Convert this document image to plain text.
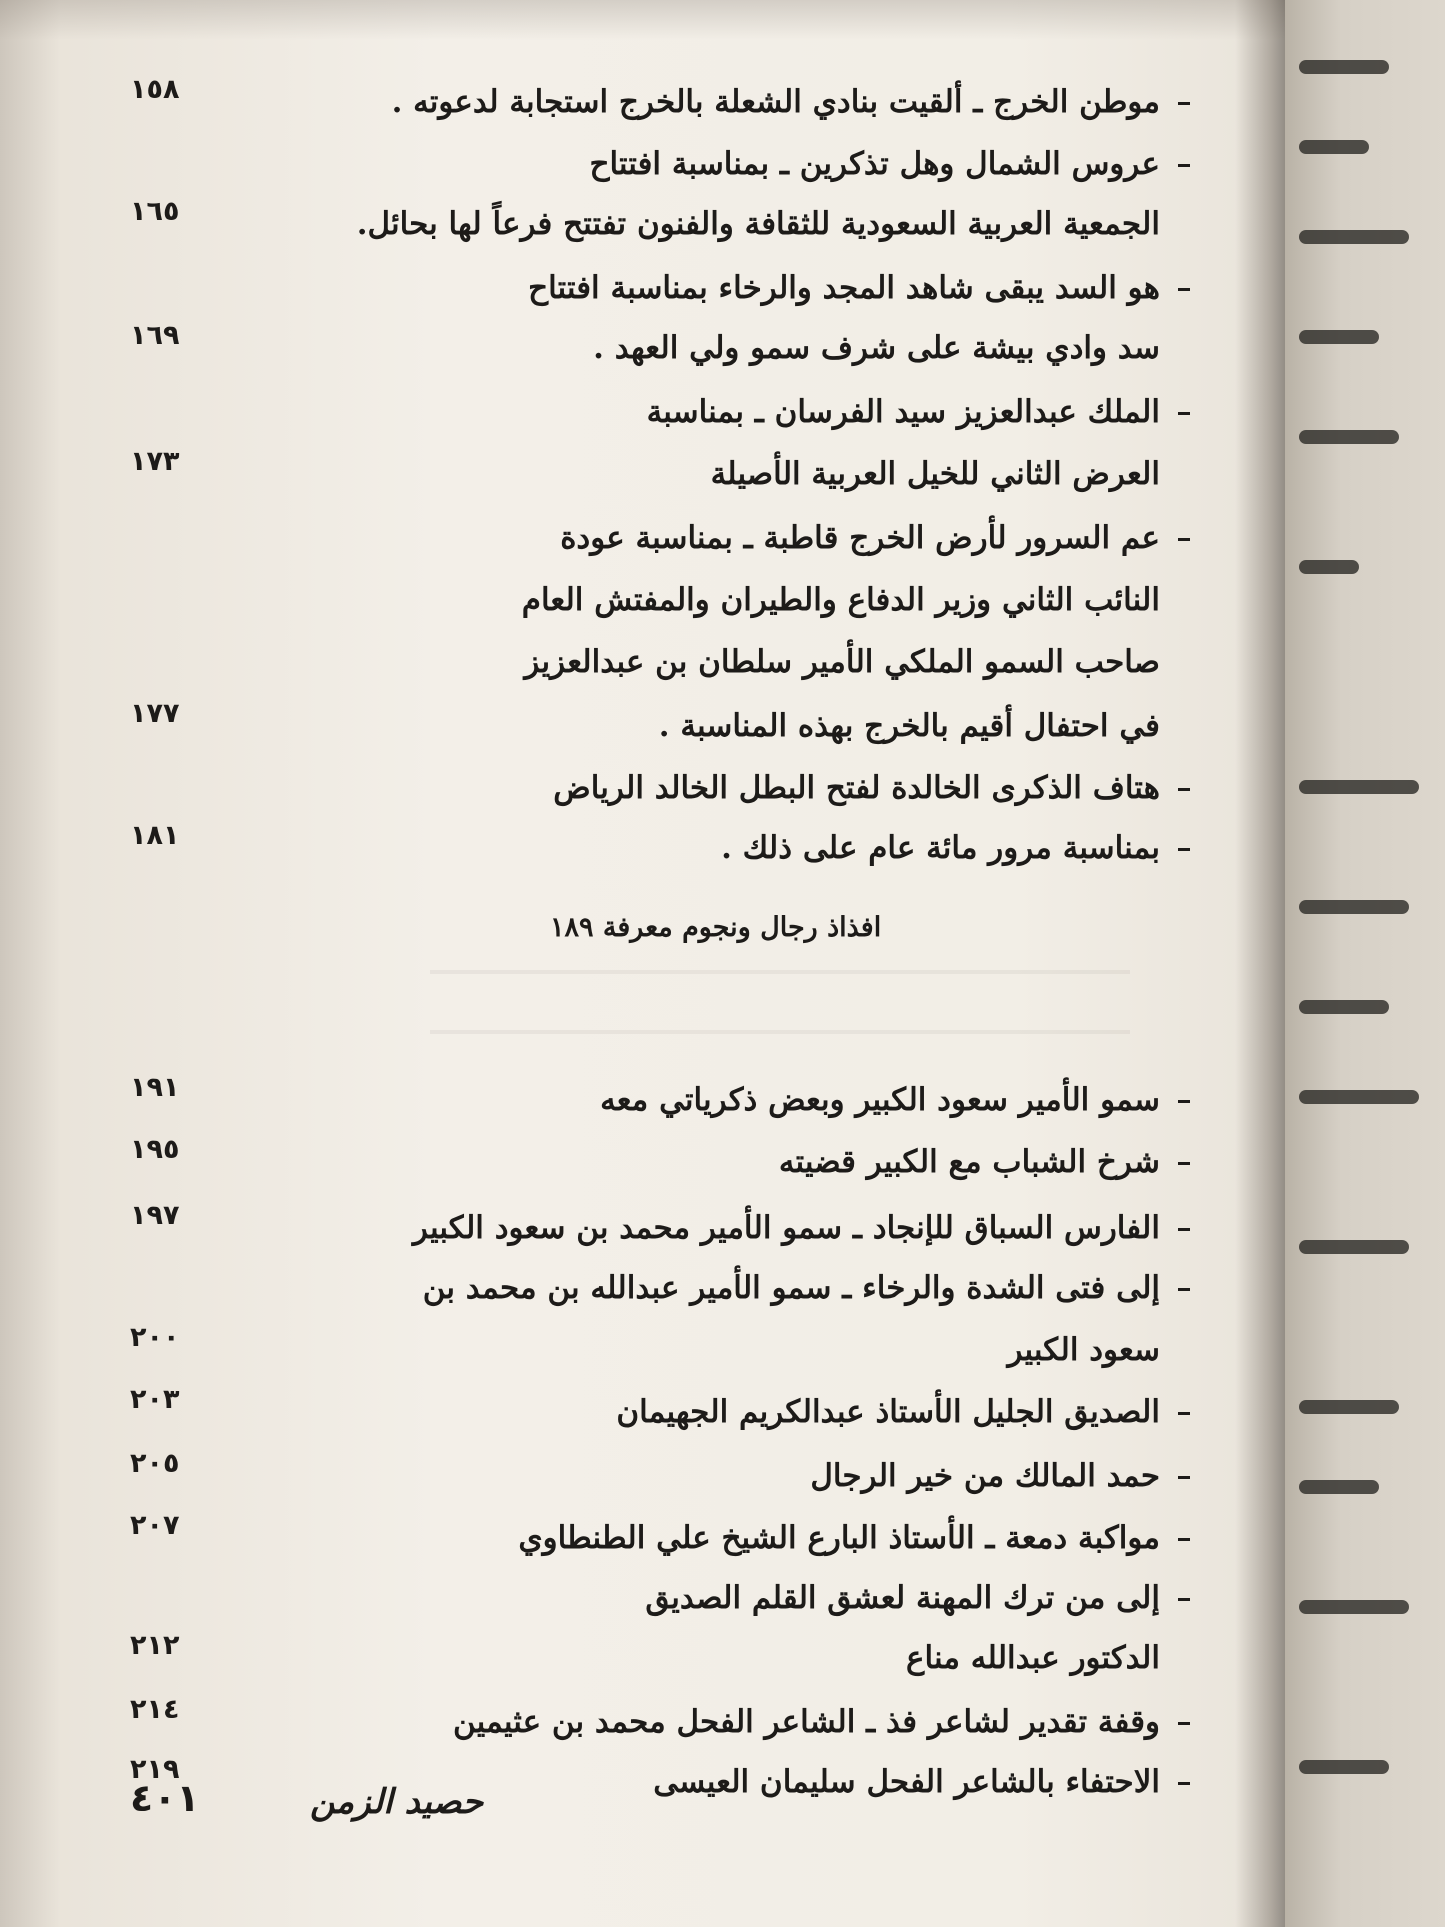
موطن الخرج ـ ألقيت بنادي الشعلة بالخرج استجابة لدعوته .
١٥٨
عروس الشمال وهل تذكرين ـ بمناسبة افتتاح
الجمعية العربية السعودية للثقافة والفنون تفتتح فرعاً لها بحائل.
١٦٥
هو السد يبقى شاهد المجد والرخاء بمناسبة افتتاح
سد وادي بيشة على شرف سمو ولي العهد .
١٦٩
الملك عبدالعزيز سيد الفرسان ـ بمناسبة
العرض الثاني للخيل العربية الأصيلة
١٧٣
عم السرور لأرض الخرج قاطبة ـ بمناسبة عودة
النائب الثاني وزير الدفاع والطيران والمفتش العام
صاحب السمو الملكي الأمير سلطان بن عبدالعزيز
في احتفال أقيم بالخرج بهذه المناسبة .
١٧٧
هتاف الذكرى الخالدة لفتح البطل الخالد الرياض
بمناسبة مرور مائة عام على ذلك .
١٨١
افذاذ رجال ونجوم معرفة ١٨٩
سمو الأمير سعود الكبير وبعض ذكرياتي معه
١٩١
شرخ الشباب مع الكبير قضيته
١٩٥
الفارس السباق للإنجاد ـ سمو الأمير محمد بن سعود الكبير
١٩٧
إلى فتى الشدة والرخاء ـ سمو الأمير عبدالله بن محمد بن
سعود الكبير
٢٠٠
الصديق الجليل الأستاذ عبدالكريم الجهيمان
٢٠٣
حمد المالك من خير الرجال
٢٠٥
مواكبة دمعة ـ الأستاذ البارع الشيخ علي الطنطاوي
٢٠٧
إلى من ترك المهنة لعشق القلم الصديق
الدكتور عبدالله مناع
٢١٢
وقفة تقدير لشاعر فذ ـ الشاعر الفحل محمد بن عثيمين
٢١٤
الاحتفاء بالشاعر الفحل سليمان العيسى
٢١٩
حصيد الزمن
٤٠١
